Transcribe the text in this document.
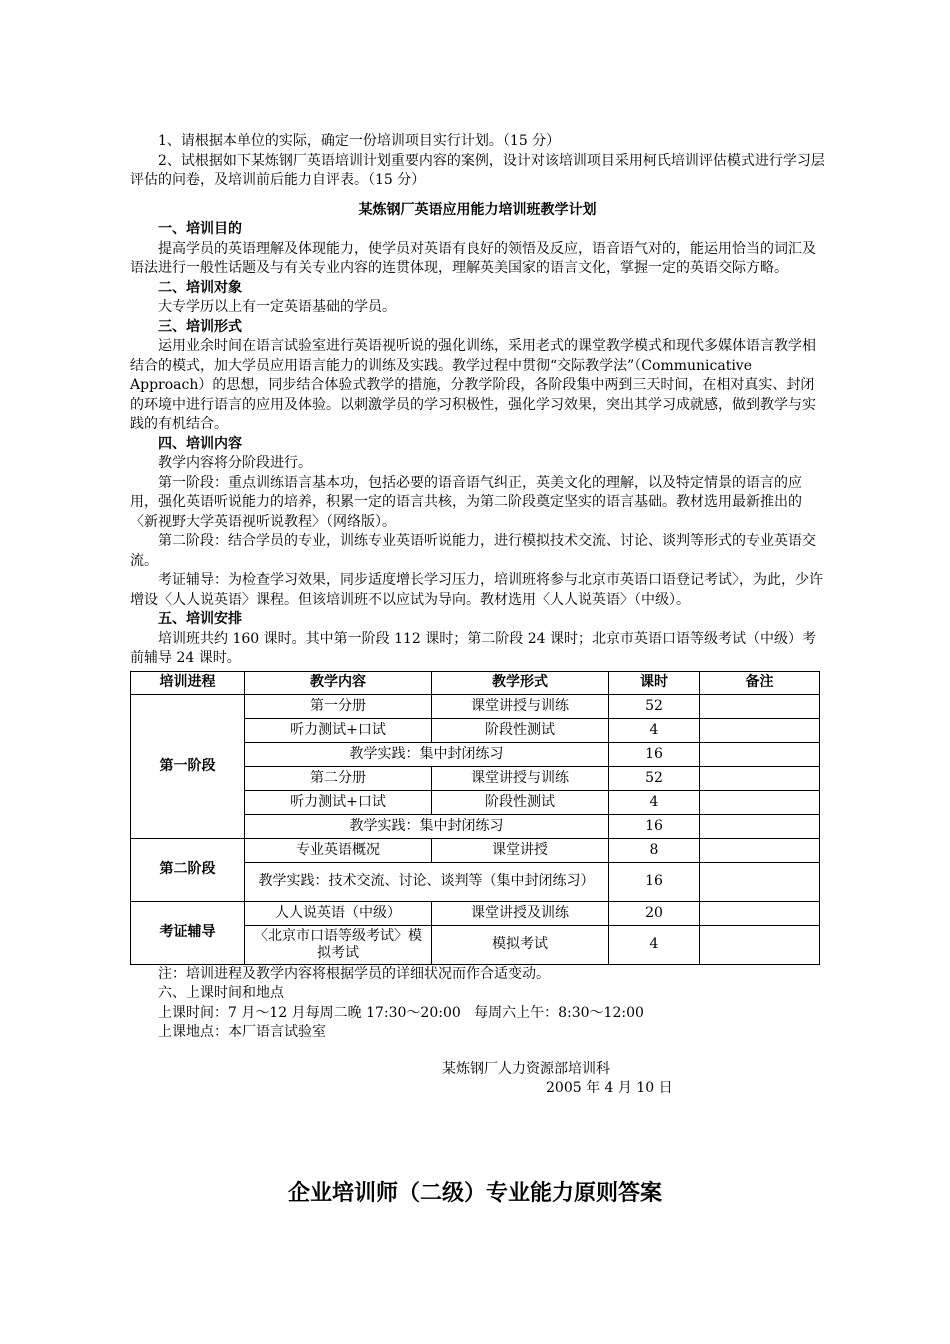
1、请根据本单位的实际，确定一份培训项目实行计划。（15 分）

2、试根据如下某炼钢厂英语培训计划重要内容的案例，设计对该培训项目采用柯氏培训评估模式进行学习层评估的问卷，及培训前后能力自评表。（15 分）

某炼钢厂英语应用能力培训班教学计划

一、培训目的

提高学员的英语理解及体现能力，使学员对英语有良好的领悟及反应，语音语气对的，能运用恰当的词汇及语法进行一般性话题及与有关专业内容的连贯体现，理解英美国家的语言文化，掌握一定的英语交际方略。

二、培训对象

大专学历以上有一定英语基础的学员。

三、培训形式

运用业余时间在语言试验室进行英语视听说的强化训练，采用老式的课堂教学模式和现代多媒体语言教学相结合的模式，加大学员应用语言能力的训练及实践。教学过程中贯彻“交际教学法”（Communicative Approach）的思想，同步结合体验式教学的措施，分教学阶段，各阶段集中两到三天时间，在相对真实、封闭的环境中进行语言的应用及体验。以刺激学员的学习积极性，强化学习效果，突出其学习成就感，做到教学与实践的有机结合。

四、培训内容

教学内容将分阶段进行。

第一阶段：重点训练语言基本功，包括必要的语音语气纠正，英美文化的理解，以及特定情景的语言的应用，强化英语听说能力的培养，积累一定的语言共核，为第二阶段奠定坚实的语言基础。教材选用最新推出的〈新视野大学英语视听说教程〉（网络版）。

第二阶段：结合学员的专业，训练专业英语听说能力，进行模拟技术交流、讨论、谈判等形式的专业英语交流。

考证辅导：为检查学习效果，同步适度增长学习压力，培训班将参与北京市英语口语登记考试〉，为此，少许增设〈人人说英语〉课程。但该培训班不以应试为导向。教材选用〈人人说英语〉（中级）。

五、培训安排

培训班共约 160 课时。其中第一阶段 112 课时；第二阶段 24 课时；北京市英语口语等级考试（中级）考前辅导 24 课时。

培训进程	教学内容	教学形式	课时	备注
第一阶段	第一分册	课堂讲授与训练	52	
	听力测试+口试	阶段性测试	4	
	教学实践：集中封闭练习		16	
	第二分册	课堂讲授与训练	52	
	听力测试+口试	阶段性测试	4	
	教学实践：集中封闭练习		16	
第二阶段	专业英语概况	课堂讲授	8	
	教学实践：技术交流、讨论、谈判等（集中封闭练习）		16	
考证辅导	人人说英语（中级）	课堂讲授及训练	20	
	〈北京市口语等级考试〉模拟考试	模拟考试	4	

注：培训进程及教学内容将根据学员的详细状况而作合适变动。

六、上课时间和地点

上课时间：7 月～12 月每周二晚 17:30～20:00   每周六上午：8:30～12:00

上课地点：本厂语言试验室

某炼钢厂人力资源部培训科

2005 年 4 月 10 日

企业培训师（二级）专业能力原则答案
